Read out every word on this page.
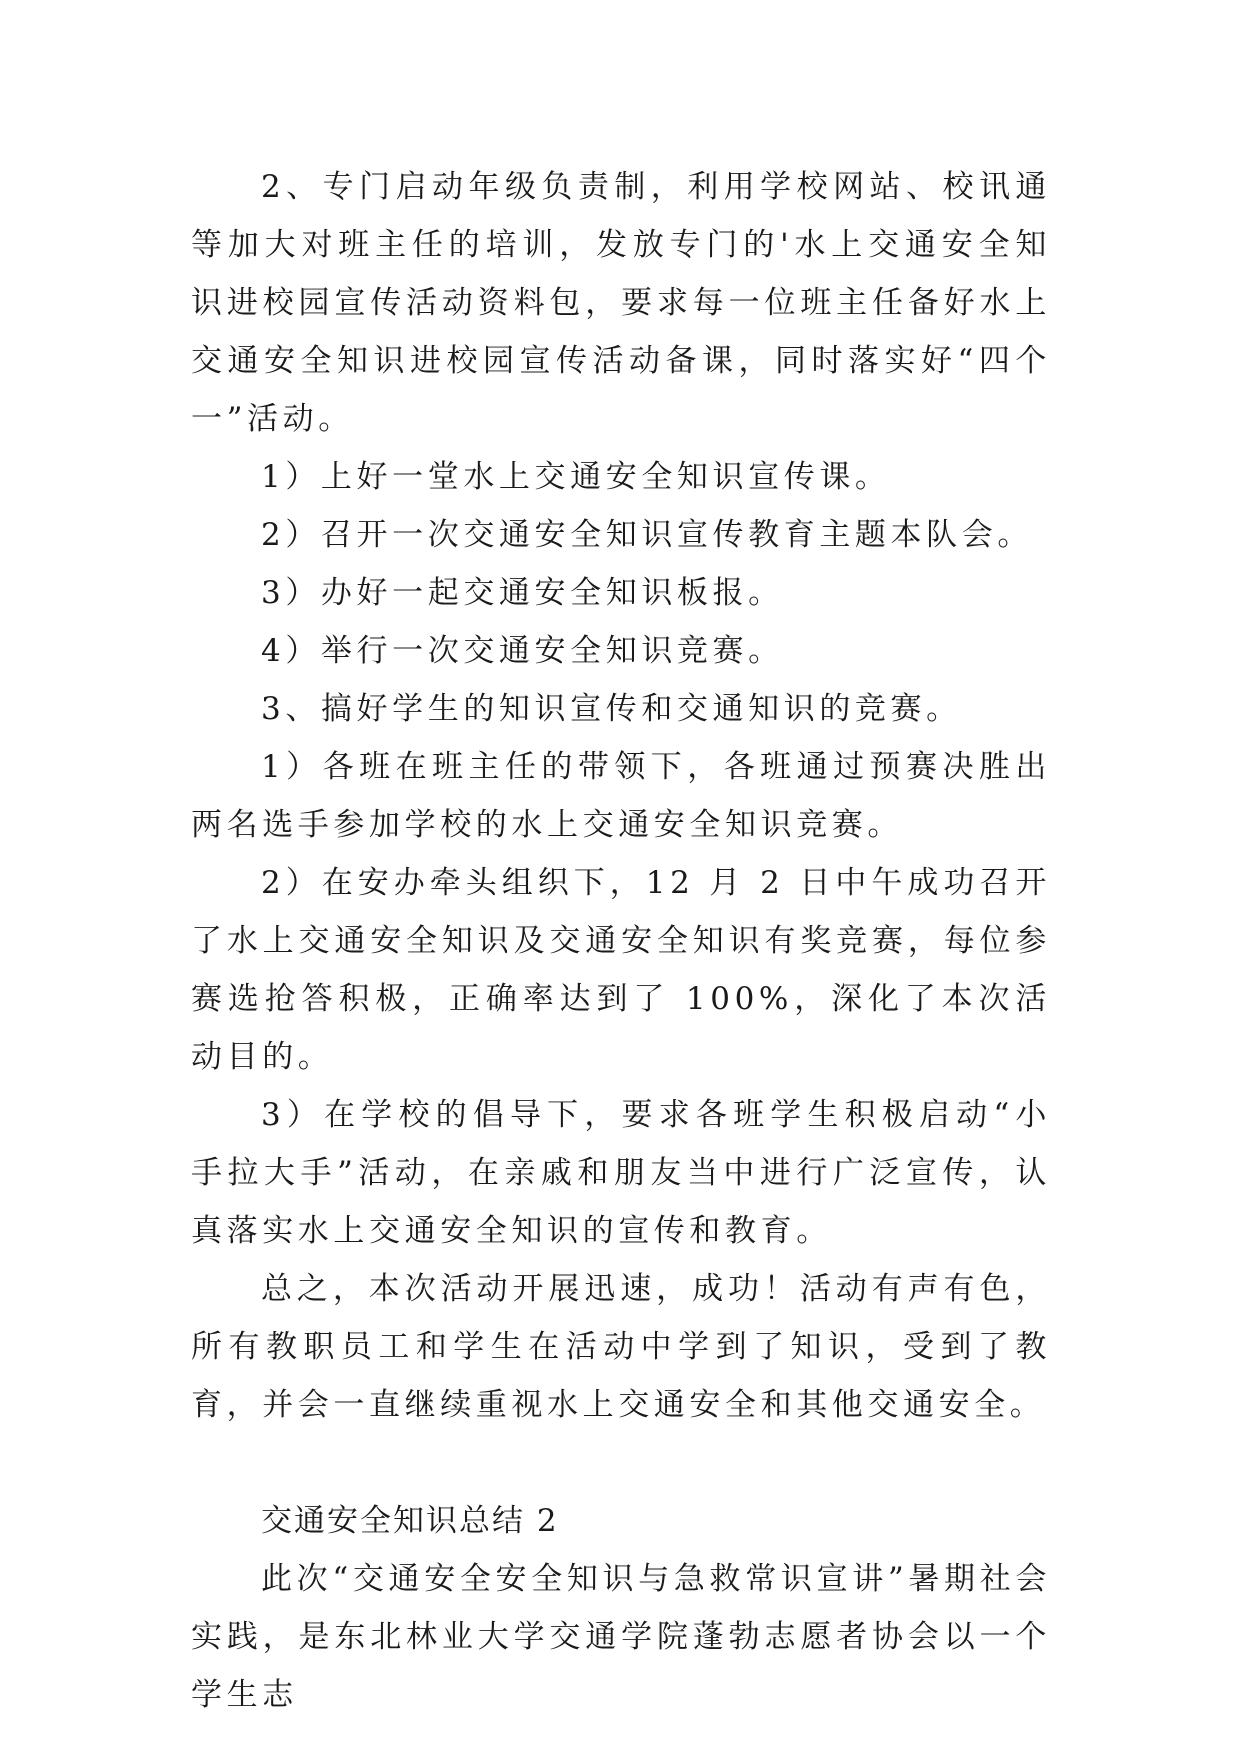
2、专门启动年级负责制，利用学校网站、校讯通等加大对班主任的培训，发放专门的'水上交通安全知识进校园宣传活动资料包，要求每一位班主任备好水上交通安全知识进校园宣传活动备课，同时落实好“四个一”活动。

1）上好一堂水上交通安全知识宣传课。

2）召开一次交通安全知识宣传教育主题本队会。

3）办好一起交通安全知识板报。

4）举行一次交通安全知识竞赛。

3、搞好学生的知识宣传和交通知识的竞赛。

1）各班在班主任的带领下，各班通过预赛决胜出两名选手参加学校的水上交通安全知识竞赛。

2）在安办牵头组织下，12 月 2 日中午成功召开了水上交通安全知识及交通安全知识有奖竞赛，每位参赛选抢答积极，正确率达到了 100%，深化了本次活动目的。

3）在学校的倡导下，要求各班学生积极启动“小手拉大手”活动，在亲戚和朋友当中进行广泛宣传，认真落实水上交通安全知识的宣传和教育。

总之，本次活动开展迅速，成功！活动有声有色，所有教职员工和学生在活动中学到了知识，受到了教育，并会一直继续重视水上交通安全和其他交通安全。

交通安全知识总结 2

此次“交通安全安全知识与急救常识宣讲”暑期社会实践，是东北林业大学交通学院蓬勃志愿者协会以一个学生志
